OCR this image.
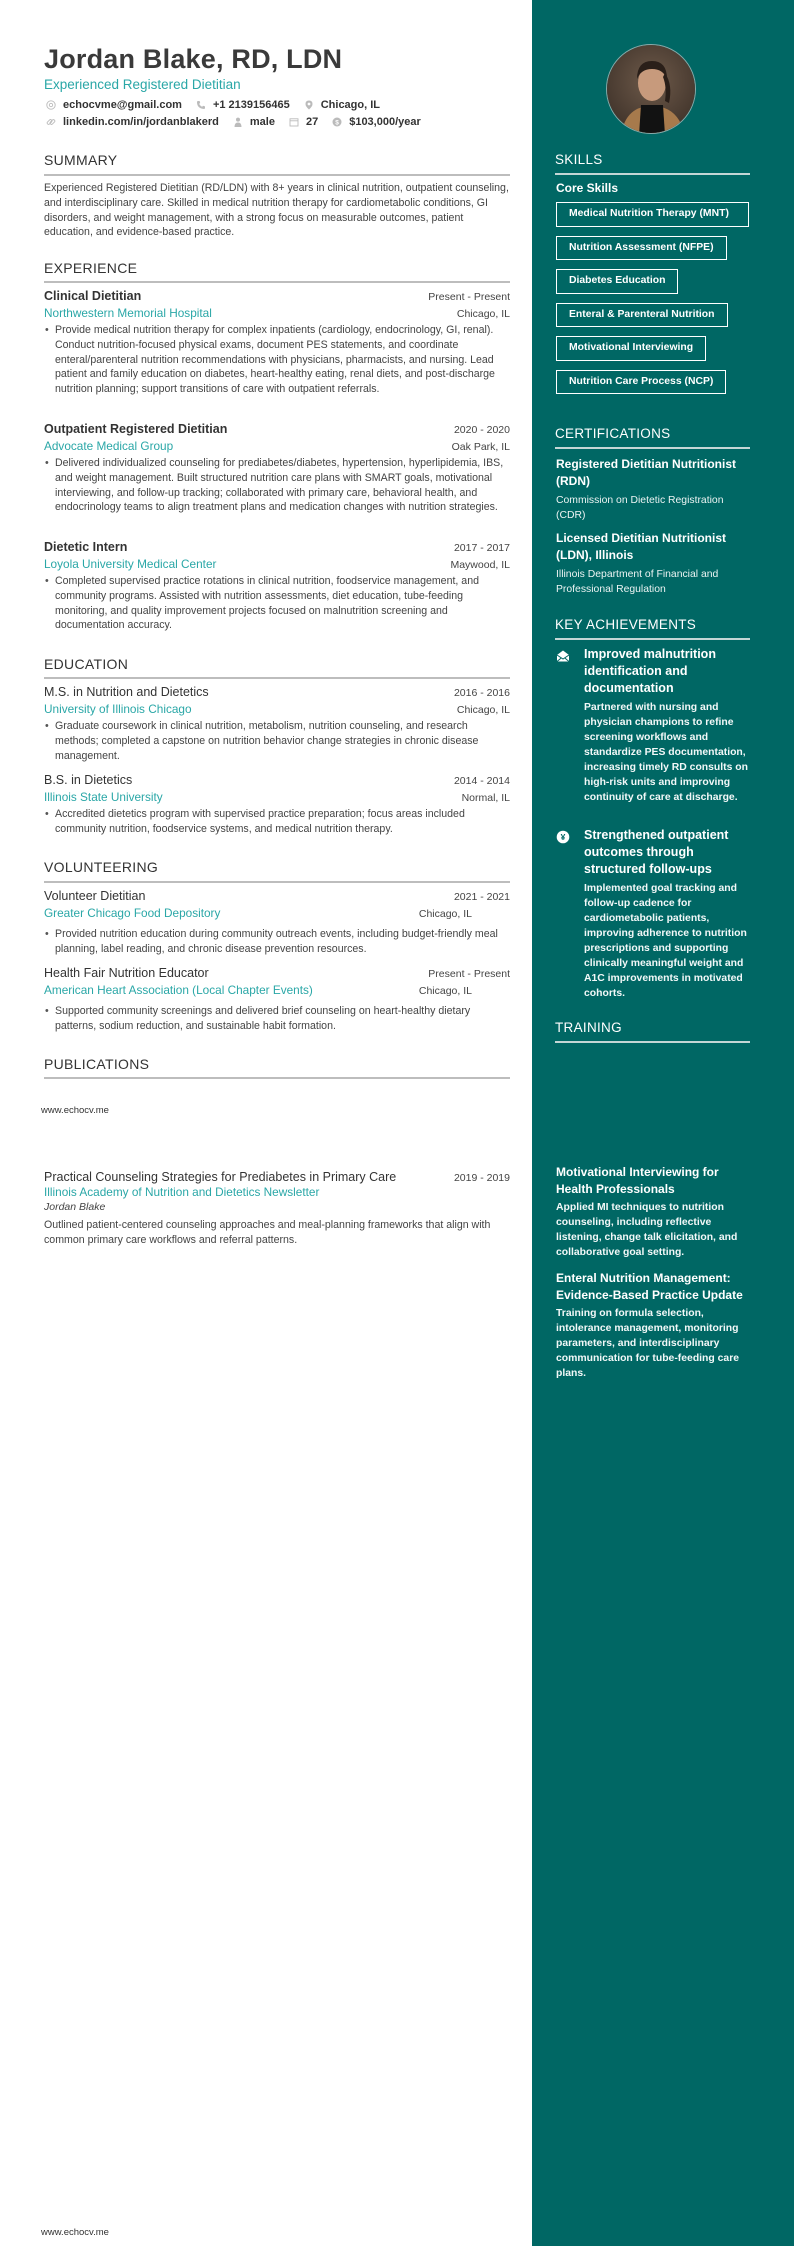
Jordan Blake, RD, LDN
Experienced Registered Dietitian
echocvme@gmail.com	+1 2139156465	Chicago, IL
linkedin.com/in/jordanblakerd	male	27	$ $103,000/year
SUMMARY
Experienced Registered Dietitian (RD/LDN) with 8+ years in clinical nutrition, outpatient counseling, and interdisciplinary care. Skilled in medical nutrition therapy for cardiometabolic conditions, GI disorders, and weight management, with a strong focus on measurable outcomes, patient education, and evidence-based practice.
EXPERIENCE
Clinical Dietitian	Present - Present
Northwestern Memorial Hospital	Chicago, IL
• Provide medical nutrition therapy for complex inpatients (cardiology, endocrinology, GI, renal). Conduct nutrition-focused physical exams, document PES statements, and coordinate enteral/parenteral nutrition recommendations with physicians, pharmacists, and nursing. Lead patient and family education on diabetes, heart-healthy eating, renal diets, and post-discharge nutrition planning; support transitions of care with outpatient referrals.
Outpatient Registered Dietitian	2020 - 2020
Advocate Medical Group	Oak Park, IL
• Delivered individualized counseling for prediabetes/diabetes, hypertension, hyperlipidemia, IBS, and weight management. Built structured nutrition care plans with SMART goals, motivational interviewing, and follow-up tracking; collaborated with primary care, behavioral health, and endocrinology teams to align treatment plans and medication changes with nutrition strategies.
Dietetic Intern	2017 - 2017
Loyola University Medical Center	Maywood, IL
• Completed supervised practice rotations in clinical nutrition, foodservice management, and community programs. Assisted with nutrition assessments, diet education, tube-feeding monitoring, and quality improvement projects focused on malnutrition screening and documentation accuracy.
EDUCATION
M.S. in Nutrition and Dietetics	2016 - 2016
University of Illinois Chicago	Chicago, IL
• Graduate coursework in clinical nutrition, metabolism, nutrition counseling, and research methods; completed a capstone on nutrition behavior change strategies in chronic disease management.
B.S. in Dietetics	2014 - 2014
Illinois State University	Normal, IL
• Accredited dietetics program with supervised practice preparation; focus areas included community nutrition, foodservice systems, and medical nutrition therapy.
VOLUNTEERING
Volunteer Dietitian	2021 - 2021
Greater Chicago Food Depository	Chicago, IL
• Provided nutrition education during community outreach events, including budget-friendly meal planning, label reading, and chronic disease prevention resources.
Health Fair Nutrition Educator	Present - Present
American Heart Association (Local Chapter Events)	Chicago, IL
• Supported community screenings and delivered brief counseling on heart-healthy dietary patterns, sodium reduction, and sustainable habit formation.
PUBLICATIONS
www.echocv.me
Practical Counseling Strategies for Prediabetes in Primary Care	2019 - 2019
Illinois Academy of Nutrition and Dietetics Newsletter
Jordan Blake
Outlined patient-centered counseling approaches and meal-planning frameworks that align with common primary care workflows and referral patterns.
www.echocv.me
SKILLS
Core Skills
Medical Nutrition Therapy (MNT)
Nutrition Assessment (NFPE)
Diabetes Education
Enteral & Parenteral Nutrition
Motivational Interviewing
Nutrition Care Process (NCP)
CERTIFICATIONS
Registered Dietitian Nutritionist (RDN)
Commission on Dietetic Registration (CDR)
Licensed Dietitian Nutritionist (LDN), Illinois
Illinois Department of Financial and Professional Regulation
KEY ACHIEVEMENTS
Improved malnutrition identification and documentation
Partnered with nursing and physician champions to refine screening workflows and standardize PES documentation, increasing timely RD consults on high-risk units and improving continuity of care at discharge.
¥ Strengthened outpatient outcomes through structured follow-ups
Implemented goal tracking and follow-up cadence for cardiometabolic patients, improving adherence to nutrition prescriptions and supporting clinically meaningful weight and A1C improvements in motivated cohorts.
TRAINING
Motivational Interviewing for Health Professionals
Applied MI techniques to nutrition counseling, including reflective listening, change talk elicitation, and collaborative goal setting.
Enteral Nutrition Management: Evidence-Based Practice Update
Training on formula selection, intolerance management, monitoring parameters, and interdisciplinary communication for tube-feeding care plans.
